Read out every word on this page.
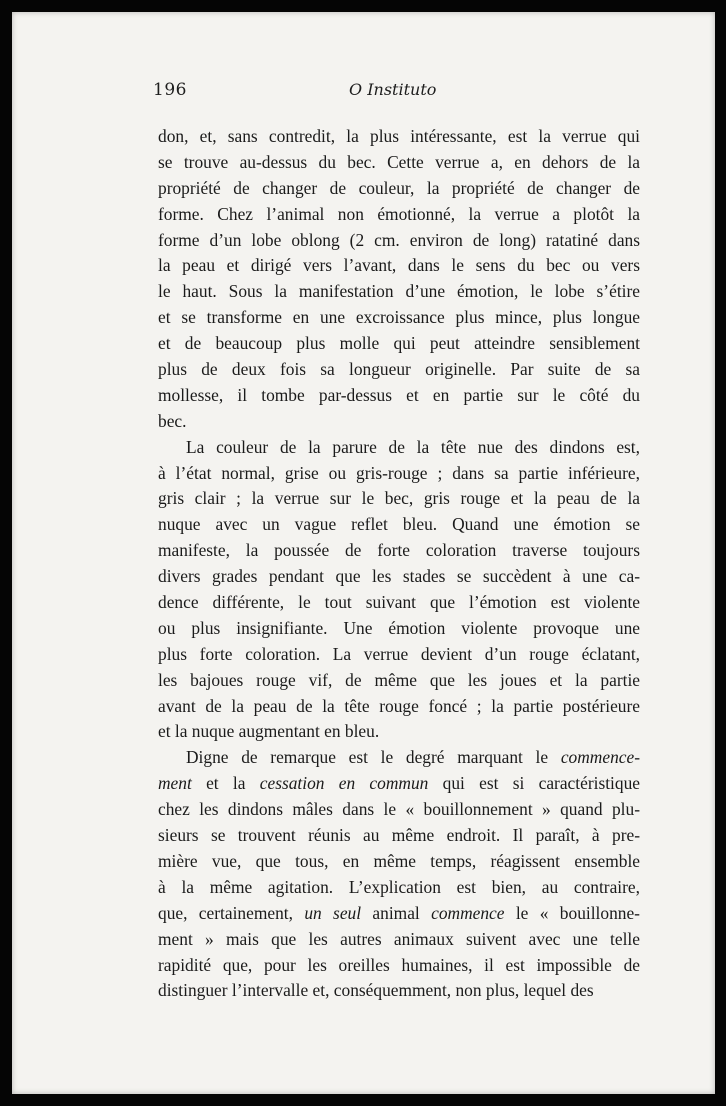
196	O Instituto
don, et, sans contredit, la plus intéressante, est la verrue qui
se trouve au-dessus du bec. Cette verrue a, en dehors de la
propriété de changer de couleur, la propriété de changer de
forme. Chez l’animal non émotionné, la verrue a plotôt la
forme d’un lobe oblong (2 cm. environ de long) ratatiné dans
la peau et dirigé vers l’avant, dans le sens du bec ou vers
le haut. Sous la manifestation d’une émotion, le lobe s’étire
et se transforme en une excroissance plus mince, plus longue
et de beaucoup plus molle qui peut atteindre sensiblement
plus de deux fois sa longueur originelle. Par suite de sa
mollesse, il tombe par-dessus et en partie sur le côté du
bec.
La couleur de la parure de la tête nue des dindons est,
à l’état normal, grise ou gris-rouge ; dans sa partie inférieure,
gris clair ; la verrue sur le bec, gris rouge et la peau de la
nuque avec un vague reflet bleu. Quand une émotion se
manifeste, la poussée de forte coloration traverse toujours
divers grades pendant que les stades se succèdent à une ca-
dence différente, le tout suivant que l’émotion est violente
ou plus insignifiante. Une émotion violente provoque une
plus forte coloration. La verrue devient d’un rouge éclatant,
les bajoues rouge vif, de même que les joues et la partie
avant de la peau de la tête rouge foncé ; la partie postérieure
et la nuque augmentant en bleu.
Digne de remarque est le degré marquant le commence-
ment et la cessation en commun qui est si caractéristique
chez les dindons mâles dans le « bouillonnement » quand plu-
sieurs se trouvent réunis au même endroit. Il paraît, à pre-
mière vue, que tous, en même temps, réagissent ensemble
à la même agitation. L’explication est bien, au contraire,
que, certainement, un seul animal commence le « bouillonne-
ment » mais que les autres animaux suivent avec une telle
rapidité que, pour les oreilles humaines, il est impossible de
distinguer l’intervalle et, conséquemment, non plus, lequel des
